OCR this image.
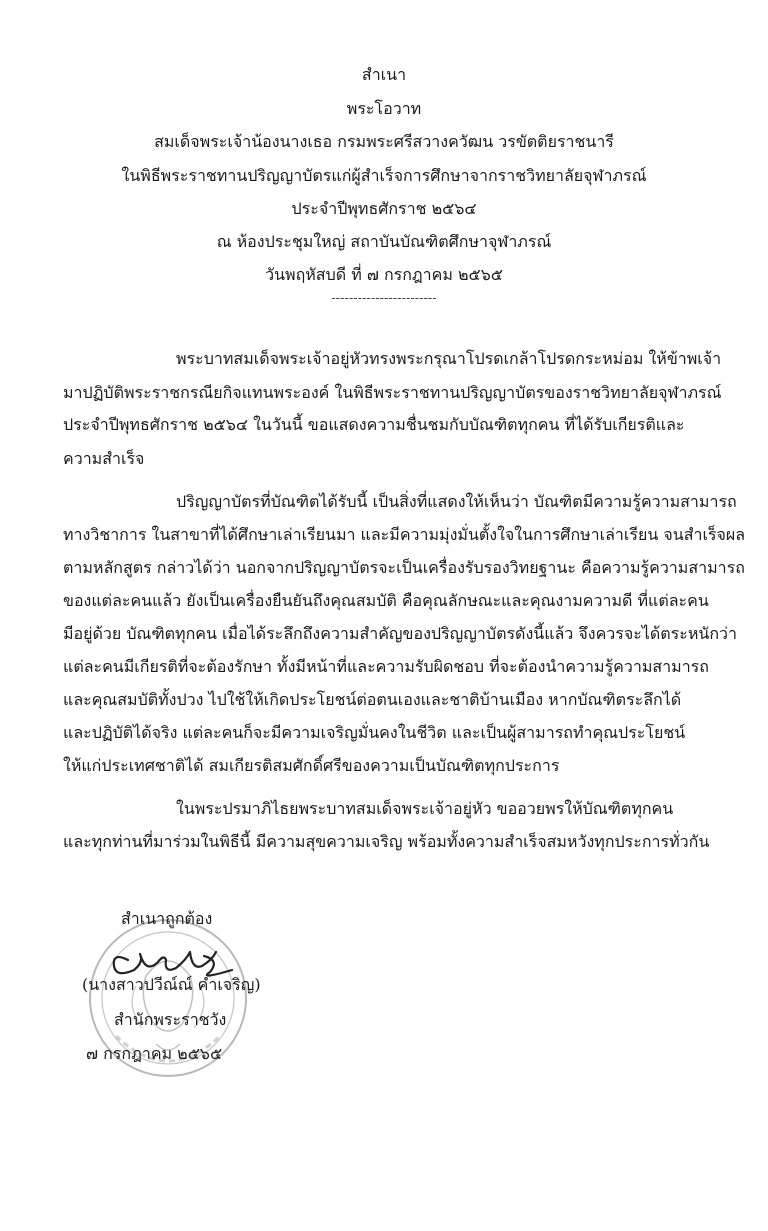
สำเนา
พระโอวาท
สมเด็จพระเจ้าน้องนางเธอ กรมพระศรีสวางควัฒน วรขัตติยราชนารี
ในพิธีพระราชทานปริญญาบัตรแก่ผู้สำเร็จการศึกษาจากราชวิทยาลัยจุฬาภรณ์
ประจำปีพุทธศักราช ๒๕๖๔
ณ ห้องประชุมใหญ่ สถาบันบัณฑิตศึกษาจุฬาภรณ์
วันพฤหัสบดี ที่ ๗ กรกฎาคม ๒๕๖๕
------------------------
พระบาทสมเด็จพระเจ้าอยู่หัวทรงพระกรุณาโปรดเกล้าโปรดกระหม่อม ให้ข้าพเจ้า
มาปฏิบัติพระราชกรณียกิจแทนพระองค์ ในพิธีพระราชทานปริญญาบัตรของราชวิทยาลัยจุฬาภรณ์
ประจำปีพุทธศักราช ๒๕๖๔ ในวันนี้ ขอแสดงความชื่นชมกับบัณฑิตทุกคน ที่ได้รับเกียรติและ
ความสำเร็จ
ปริญญาบัตรที่บัณฑิตได้รับนี้ เป็นสิ่งที่แสดงให้เห็นว่า บัณฑิตมีความรู้ความสามารถ
ทางวิชาการ ในสาขาที่ได้ศึกษาเล่าเรียนมา และมีความมุ่งมั่นตั้งใจในการศึกษาเล่าเรียน จนสำเร็จผล
ตามหลักสูตร กล่าวได้ว่า นอกจากปริญญาบัตรจะเป็นเครื่องรับรองวิทยฐานะ คือความรู้ความสามารถ
ของแต่ละคนแล้ว ยังเป็นเครื่องยืนยันถึงคุณสมบัติ คือคุณลักษณะและคุณงามความดี ที่แต่ละคน
มีอยู่ด้วย บัณฑิตทุกคน เมื่อได้ระลึกถึงความสำคัญของปริญญาบัตรดังนี้แล้ว จึงควรจะได้ตระหนักว่า
แต่ละคนมีเกียรติที่จะต้องรักษา ทั้งมีหน้าที่และความรับผิดชอบ ที่จะต้องนำความรู้ความสามารถ
และคุณสมบัติทั้งปวง ไปใช้ให้เกิดประโยชน์ต่อตนเองและชาติบ้านเมือง หากบัณฑิตระลึกได้
และปฏิบัติได้จริง แต่ละคนก็จะมีความเจริญมั่นคงในชีวิต และเป็นผู้สามารถทำคุณประโยชน์
ให้แก่ประเทศชาติได้ สมเกียรติสมศักดิ์ศรีของความเป็นบัณฑิตทุกประการ
ในพระปรมาภิไธยพระบาทสมเด็จพระเจ้าอยู่หัว ขออวยพรให้บัณฑิตทุกคน
และทุกท่านที่มาร่วมในพิธีนี้ มีความสุขความเจริญ พร้อมทั้งความสำเร็จสมหวังทุกประการทั่วกัน
สำเนาถูกต้อง
(นางสาวปวีณ์ณ์ คำเจริญ)
สำนักพระราชวัง
๗ กรกฎาคม ๒๕๖๕
